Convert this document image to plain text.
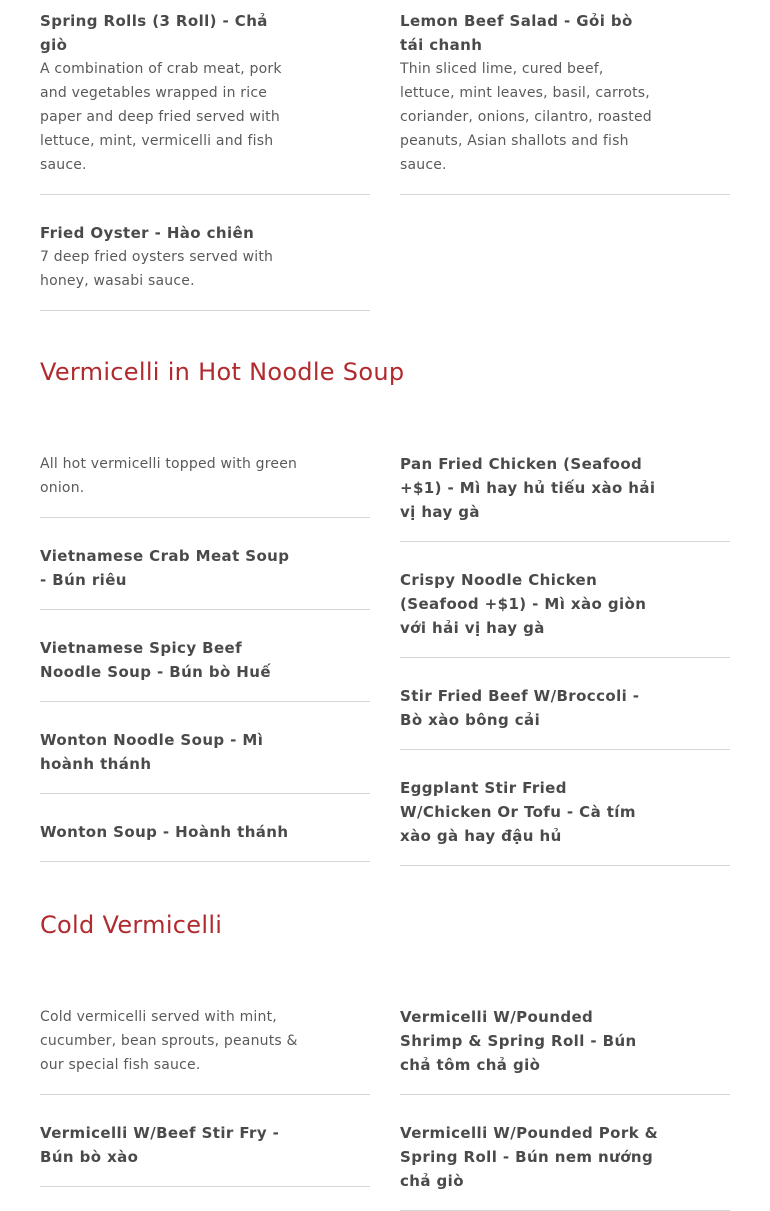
Spring Rolls (3 Roll) - Chả giò
A combination of crab meat, pork and vegetables wrapped in rice paper and deep fried served with lettuce, mint, vermicelli and fish sauce.
Fried Oyster - Hào chiên
7 deep fried oysters served with honey, wasabi sauce.
Lemon Beef Salad - Gỏi bò tái chanh
Thin sliced lime, cured beef, lettuce, mint leaves, basil, carrots, coriander, onions, cilantro, roasted peanuts, Asian shallots and fish sauce.
Vermicelli in Hot Noodle Soup
All hot vermicelli topped with green onion.
Vietnamese Crab Meat Soup - Bún riêu
Vietnamese Spicy Beef Noodle Soup - Bún bò Huế
Wonton Noodle Soup - Mì hoành thánh
Wonton Soup - Hoành thánh
Pan Fried Chicken (Seafood +$1) - Mì hay hủ tiếu xào hải vị hay gà
Crispy Noodle Chicken (Seafood +$1) - Mì xào giòn với hải vị hay gà
Stir Fried Beef W/Broccoli - Bò xào bông cải
Eggplant Stir Fried W/Chicken Or Tofu - Cà tím xào gà hay đậu hủ
Cold Vermicelli
Cold vermicelli served with mint, cucumber, bean sprouts, peanuts & our special fish sauce.
Vermicelli W/Beef Stir Fry - Bún bò xào
Vermicelli W/Pounded Shrimp & Spring Roll - Bún chả tôm chả giò
Vermicelli W/Pounded Pork & Spring Roll - Bún nem nướng chả giò
